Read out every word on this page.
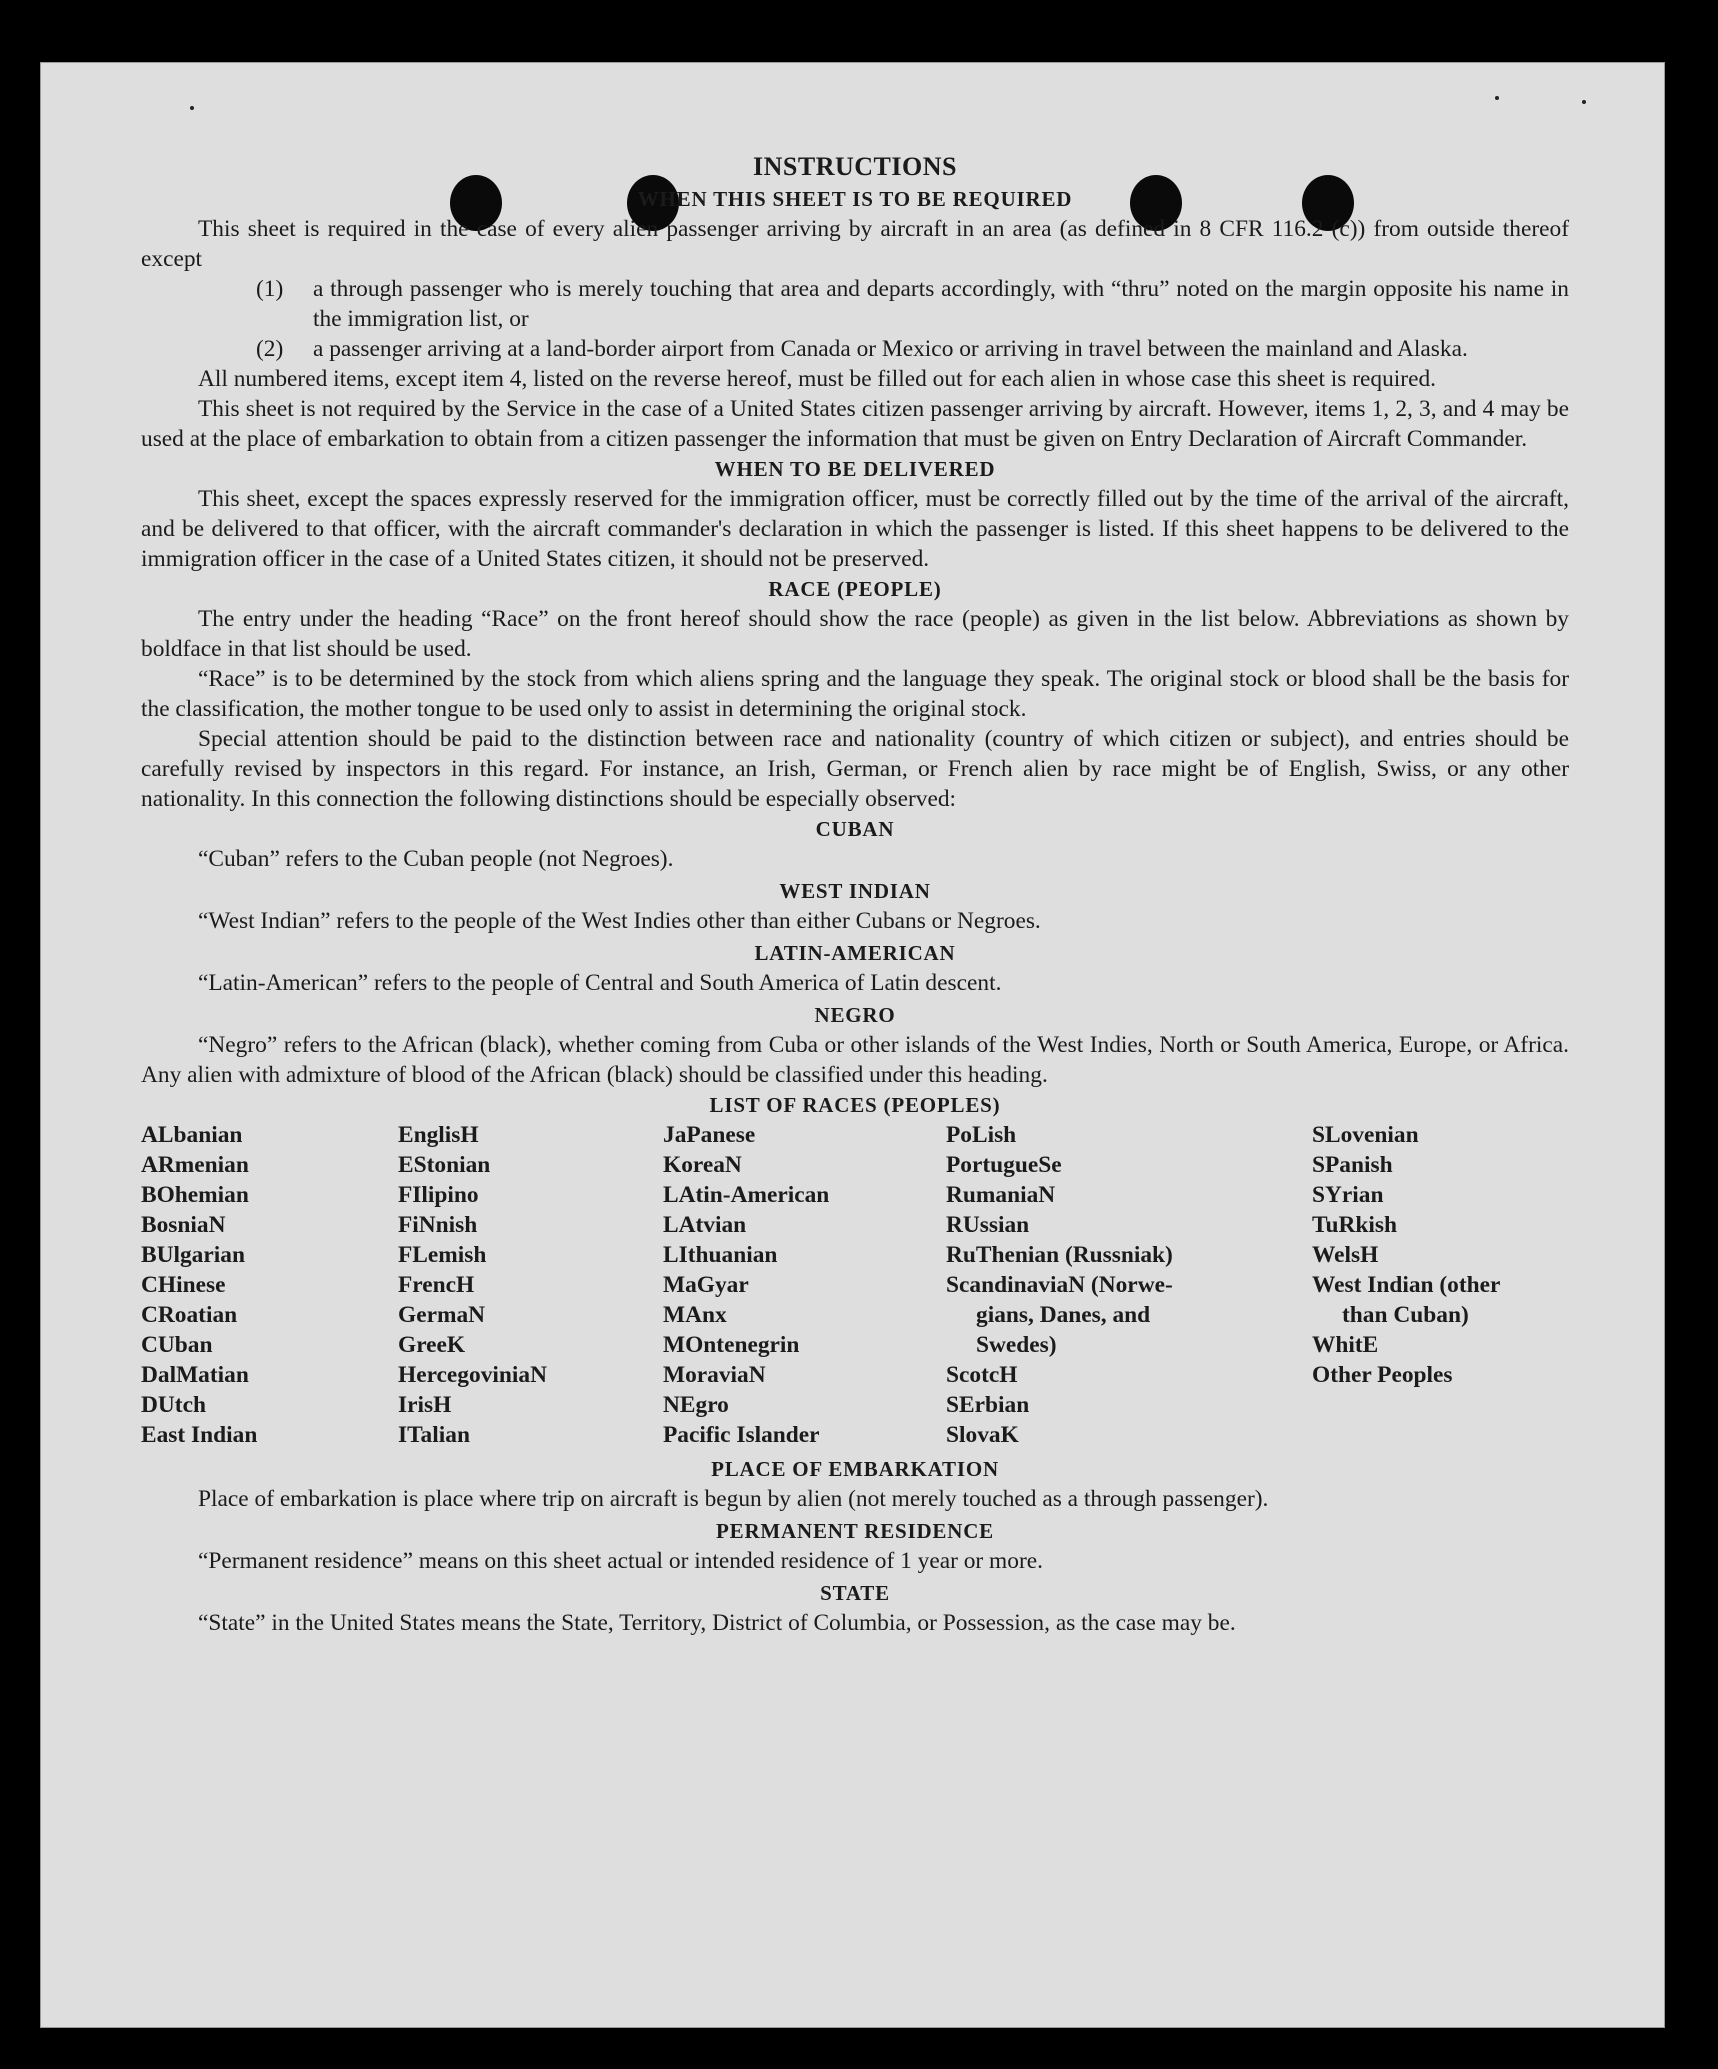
INSTRUCTIONS
WHEN THIS SHEET IS TO BE REQUIRED

This sheet is required in the case of every alien passenger arriving by aircraft in an area (as defined in 8 CFR 116.2 (c)) from outside thereof except

(1)	a through passenger who is merely touching that area and departs accordingly, with “thru” noted on the margin opposite his name in the immigration list, or
(2)	a passenger arriving at a land-border airport from Canada or Mexico or arriving in travel between the mainland and Alaska.

All numbered items, except item 4, listed on the reverse hereof, must be filled out for each alien in whose case this sheet is required.

This sheet is not required by the Service in the case of a United States citizen passenger arriving by aircraft. However, items 1, 2, 3, and 4 may be used at the place of embarkation to obtain from a citizen passenger the information that must be given on Entry Declaration of Aircraft Commander.

WHEN TO BE DELIVERED

This sheet, except the spaces expressly reserved for the immigration officer, must be correctly filled out by the time of the arrival of the aircraft, and be delivered to that officer, with the aircraft commander's declaration in which the passenger is listed. If this sheet happens to be delivered to the immigration officer in the case of a United States citizen, it should not be preserved.

RACE (PEOPLE)

The entry under the heading “Race” on the front hereof should show the race (people) as given in the list below. Abbreviations as shown by boldface in that list should be used.

“Race” is to be determined by the stock from which aliens spring and the language they speak. The original stock or blood shall be the basis for the classification, the mother tongue to be used only to assist in determining the original stock.

Special attention should be paid to the distinction between race and nationality (country of which citizen or subject), and entries should be carefully revised by inspectors in this regard. For instance, an Irish, German, or French alien by race might be of English, Swiss, or any other nationality. In this connection the following distinctions should be especially observed:

CUBAN

“Cuban” refers to the Cuban people (not Negroes).

WEST INDIAN

“West Indian” refers to the people of the West Indies other than either Cubans or Negroes.

LATIN-AMERICAN

“Latin-American” refers to the people of Central and South America of Latin descent.

NEGRO

“Negro” refers to the African (black), whether coming from Cuba or other islands of the West Indies, North or South America, Europe, or Africa. Any alien with admixture of blood of the African (black) should be classified under this heading.

LIST OF RACES (PEOPLES)
ALbanian
ARmenian
BOhemian
BosniaN
BUlgarian
CHinese
CRoatian
CUban
DalMatian
DUtch
East Indian
EnglisH
EStonian
FIlipino
FiNnish
FLemish
FrencH
GermaN
GreeK
HercegoviniaN
IrisH
ITalian
JaPanese
KoreaN
LAtin-American
LAtvian
LIthuanian
MaGyar
MAnx
MOntenegrin
MoraviaN
NEgro
Pacific Islander
PoLish
PortugueSe
RumaniaN
RUssian
RuThenian (Russniak)
ScandinaviaN (Norwe-
gians, Danes, and
Swedes)
ScotcH
SErbian
SlovaK
SLovenian
SPanish
SYrian
TuRkish
WelsH
West Indian (other
than Cuban)
WhitE
Other Peoples
PLACE OF EMBARKATION

Place of embarkation is place where trip on aircraft is begun by alien (not merely touched as a through passenger).

PERMANENT RESIDENCE

“Permanent residence” means on this sheet actual or intended residence of 1 year or more.

STATE

“State” in the United States means the State, Territory, District of Columbia, or Possession, as the case may be.
